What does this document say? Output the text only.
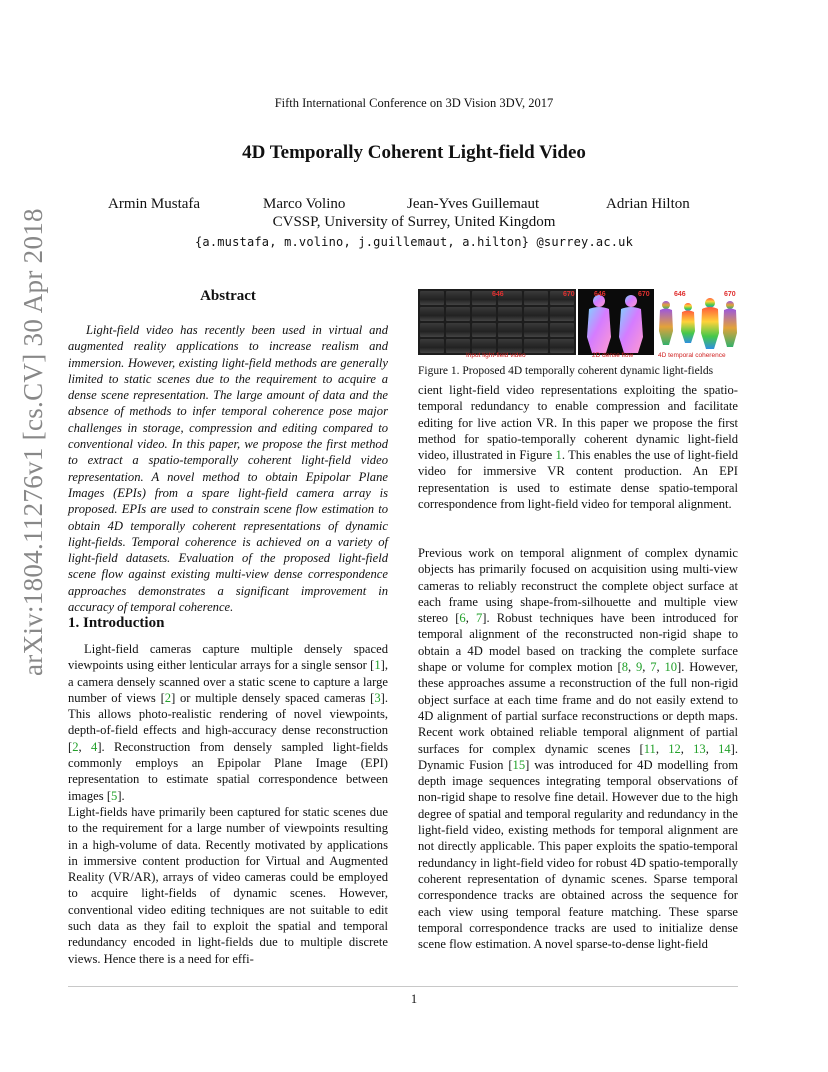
Fifth International Conference on 3D Vision 3DV, 2017
4D Temporally Coherent Light-field Video
Armin Mustafa	Marco Volino	Jean-Yves Guillemaut	Adrian Hilton
CVSSP, University of Surrey, United Kingdom
{a.mustafa, m.volino, j.guillemaut, a.hilton} @surrey.ac.uk
arXiv:1804.11276v1 [cs.CV] 30 Apr 2018	Abstract

Light-field video has recently been used in virtual and augmented reality applications to increase realism and immersion. However, existing light-field methods are generally limited to static scenes due to the requirement to acquire a dense scene representation. The large amount of data and the absence of methods to infer temporal coherence pose major challenges in storage, compression and editing compared to conventional video. In this paper, we propose the first method to extract a spatio-temporally coherent light-field video representation. A novel method to obtain Epipolar Plane Images (EPIs) from a spare light-field camera array is proposed. EPIs are used to constrain scene flow estimation to obtain 4D temporally coherent representations of dynamic light-fields. Temporal coherence is achieved on a variety of light-field datasets. Evaluation of the proposed light-field scene flow against existing multi-view dense correspondence approaches demonstrates a significant improvement in accuracy of temporal coherence.

1. Introduction

Light-field cameras capture multiple densely spaced viewpoints using either lenticular arrays for a single sensor [1], a camera densely scanned over a static scene to capture a large number of views [2] or multiple densely spaced cameras [3]. This allows photo-realistic rendering of novel viewpoints, depth-of-field effects and high-accuracy dense reconstruction [2, 4]. Reconstruction from densely sampled light-fields commonly employs an Epipolar Plane Image (EPI) representation to estimate spatial correspondence between images [5].

Light-fields have primarily been captured for static scenes due to the requirement for a large number of viewpoints resulting in a high-volume of data. Recently motivated by applications in immersive content production for Virtual and Augmented Reality (VR/AR), arrays of video cameras could be employed to acquire light-fields of dynamic scenes. However, conventional video editing techniques are not suitable to edit such data as they fail to exploit the spatial and temporal redundancy encoded in light-fields due to multiple discrete views. Hence there is a need for effi-

646	670	646	670	646	670
Input light-field video	2D dense flow	4D temporal coherence
Figure 1. Proposed 4D temporally coherent dynamic light-fields

cient light-field video representations exploiting the spatio-temporal redundancy to enable compression and facilitate editing for live action VR. In this paper we propose the first method for spatio-temporally coherent dynamic light-field video, illustrated in Figure 1. This enables the use of light-field video for immersive VR content production. An EPI representation is used to estimate dense spatio-temporal correspondence from light-field video for temporal alignment.

Previous work on temporal alignment of complex dynamic objects has primarily focused on acquisition using multi-view cameras to reliably reconstruct the complete object surface at each frame using shape-from-silhouette and multiple view stereo [6, 7]. Robust techniques have been introduced for temporal alignment of the reconstructed non-rigid shape to obtain a 4D model based on tracking the complete surface shape or volume for complex motion [8, 9, 7, 10]. However, these approaches assume a reconstruction of the full non-rigid object surface at each time frame and do not easily extend to 4D alignment of partial surface reconstructions or depth maps. Recent work obtained reliable temporal alignment of partial surfaces for complex dynamic scenes [11, 12, 13, 14]. Dynamic Fusion [15] was introduced for 4D modelling from depth image sequences integrating temporal observations of non-rigid shape to resolve fine detail. However due to the high degree of spatial and temporal regularity and redundancy in the light-field video, existing methods for temporal alignment are not directly applicable. This paper exploits the spatio-temporal redundancy in light-field video for robust 4D spatio-temporally coherent representation of dynamic scenes. Sparse temporal correspondence tracks are obtained across the sequence for each view using temporal feature matching. These sparse temporal correspondence tracks are used to initialize dense scene flow estimation. A novel sparse-to-dense light-field

1
